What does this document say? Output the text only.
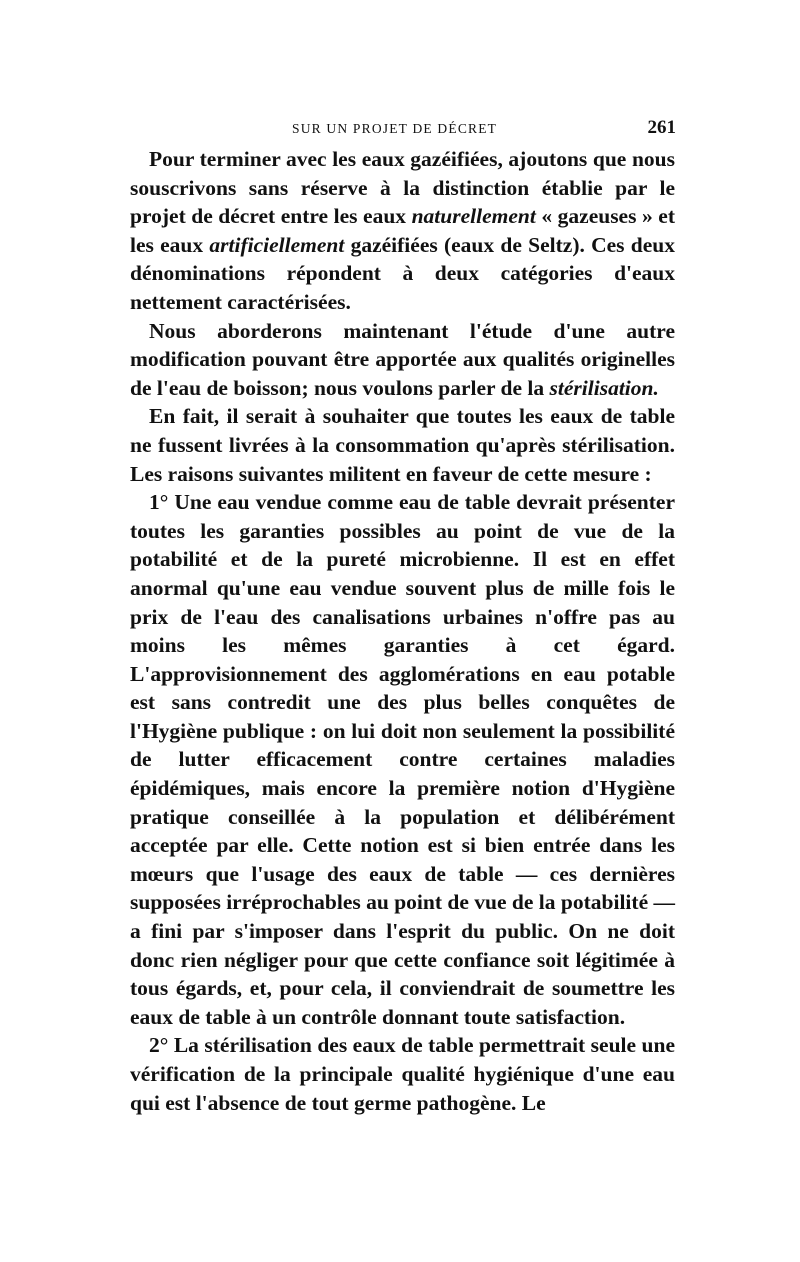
SUR UN PROJET DE DÉCRET	261

Pour terminer avec les eaux gazéifiées, ajoutons que nous souscrivons sans réserve à la distinction établie par le projet de décret entre les eaux naturellement « gazeuses » et les eaux artificiellement gazéifiées (eaux de Seltz). Ces deux dénominations répondent à deux catégories d'eaux nettement caractérisées.

Nous aborderons maintenant l'étude d'une autre modification pouvant être apportée aux qualités originelles de l'eau de boisson; nous voulons parler de la stérilisation.

En fait, il serait à souhaiter que toutes les eaux de table ne fussent livrées à la consommation qu'après stérilisation. Les raisons suivantes militent en faveur de cette mesure :

1° Une eau vendue comme eau de table devrait présenter toutes les garanties possibles au point de vue de la potabilité et de la pureté microbienne. Il est en effet anormal qu'une eau vendue souvent plus de mille fois le prix de l'eau des canalisations urbaines n'offre pas au moins les mêmes garanties à cet égard. L'approvisionnement des agglomérations en eau potable est sans contredit une des plus belles conquêtes de l'Hygiène publique : on lui doit non seulement la possibilité de lutter efficacement contre certaines maladies épidémiques, mais encore la première notion d'Hygiène pratique conseillée à la population et délibérément acceptée par elle. Cette notion est si bien entrée dans les mœurs que l'usage des eaux de table — ces dernières supposées irréprochables au point de vue de la potabilité — a fini par s'imposer dans l'esprit du public. On ne doit donc rien négliger pour que cette confiance soit légitimée à tous égards, et, pour cela, il conviendrait de soumettre les eaux de table à un contrôle donnant toute satisfaction.

2° La stérilisation des eaux de table permettrait seule une vérification de la principale qualité hygiénique d'une eau qui est l'absence de tout germe pathogène. Le
